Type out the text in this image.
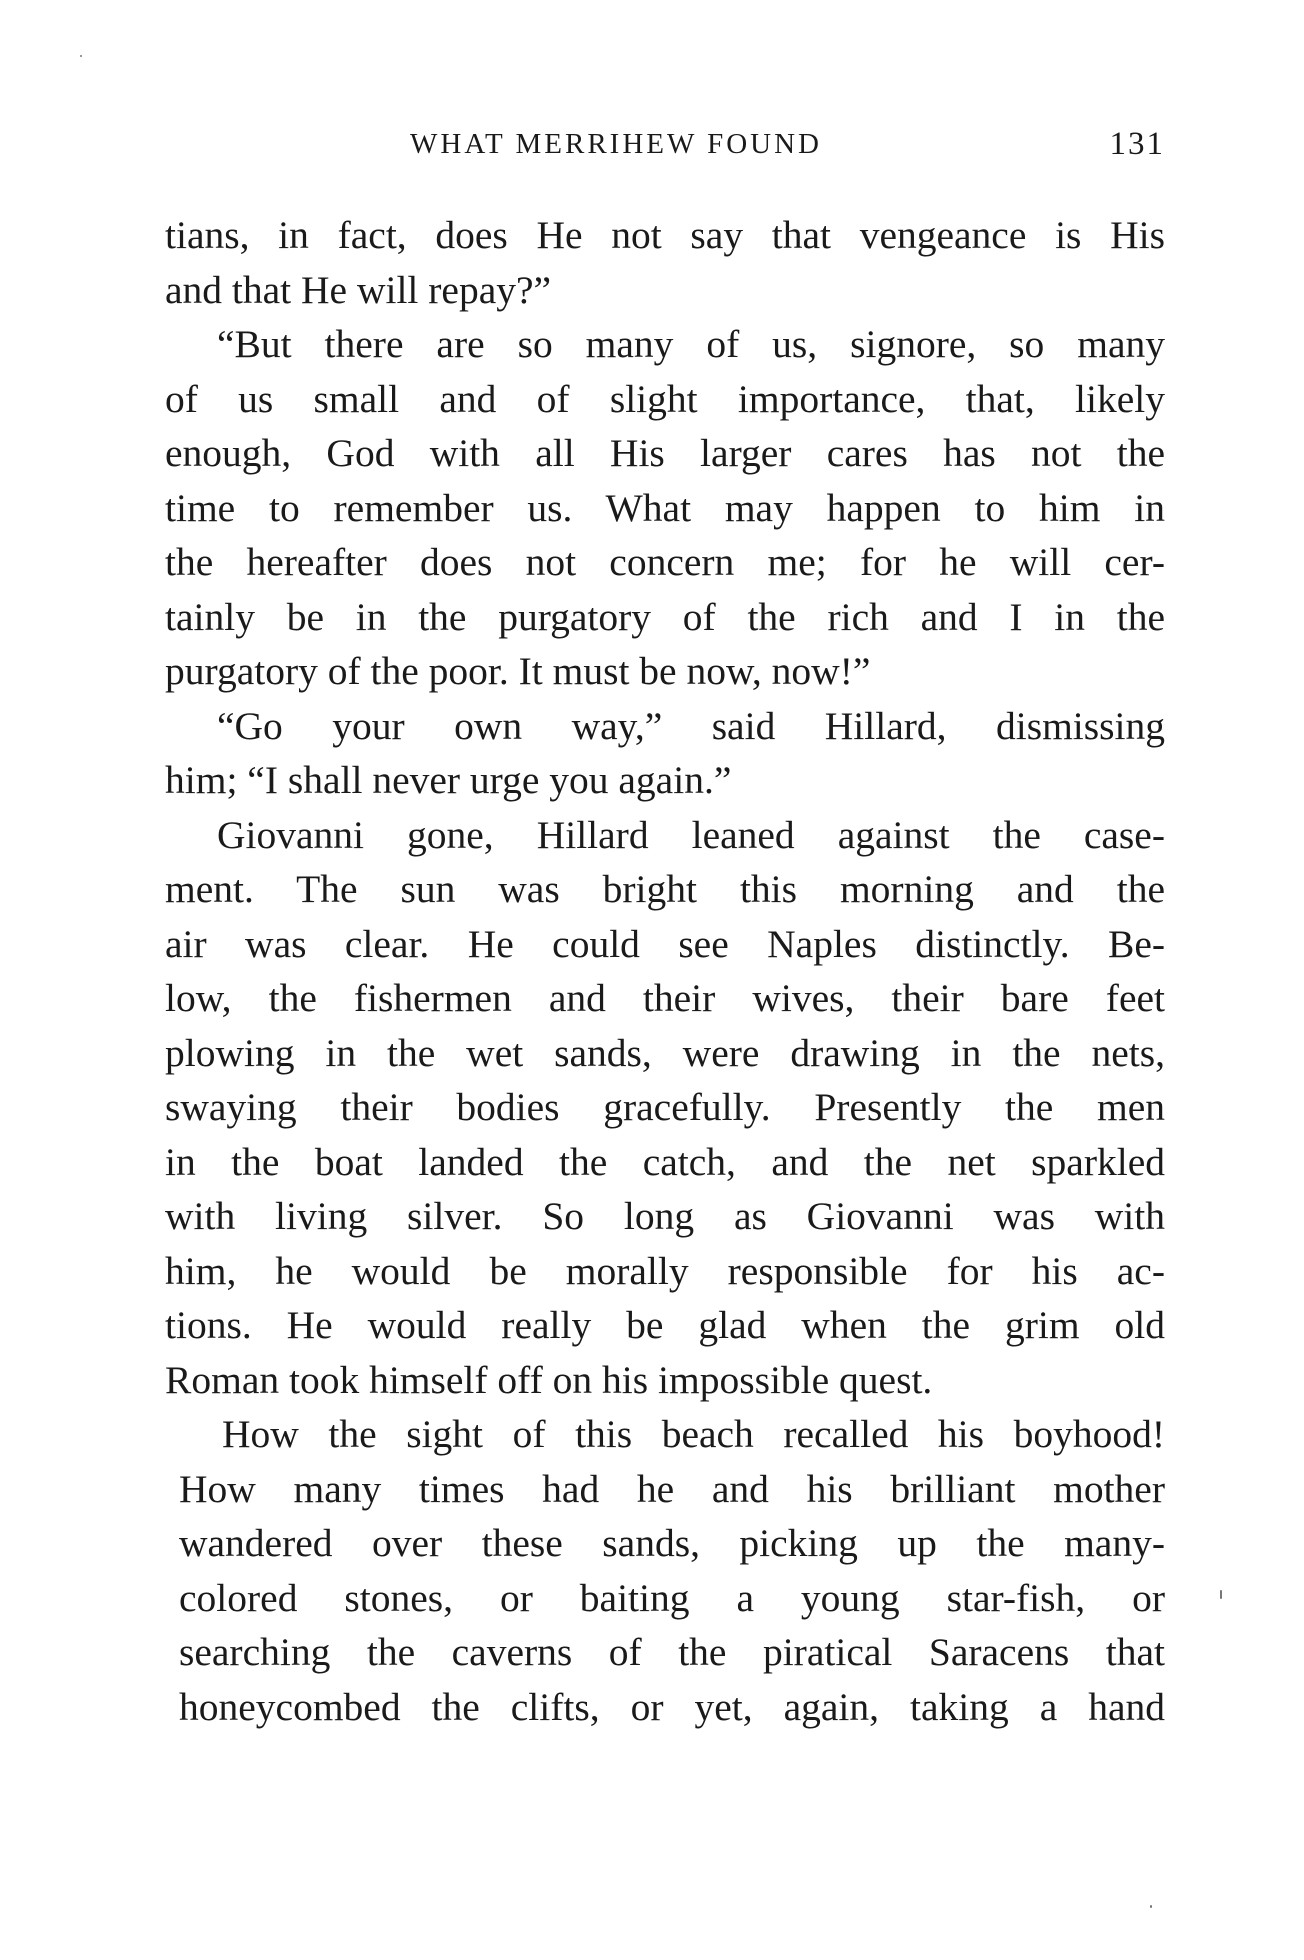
WHAT MERRIHEW FOUND	131
tians, in fact, does He not say that vengeance is His
and that He will repay?”
“But there are so many of us, signore, so many
of us small and of slight importance, that, likely
enough, God with all His larger cares has not the
time to remember us. What may happen to him in
the hereafter does not concern me; for he will cer-
tainly be in the purgatory of the rich and I in the
purgatory of the poor. It must be now, now!”
“Go your own way,” said Hillard, dismissing
him; “I shall never urge you again.”
Giovanni gone, Hillard leaned against the case-
ment. The sun was bright this morning and the
air was clear. He could see Naples distinctly. Be-
low, the fishermen and their wives, their bare feet
plowing in the wet sands, were drawing in the nets,
swaying their bodies gracefully. Presently the men
in the boat landed the catch, and the net sparkled
with living silver. So long as Giovanni was with
him, he would be morally responsible for his ac-
tions. He would really be glad when the grim old
Roman took himself off on his impossible quest.
How the sight of this beach recalled his boyhood!
How many times had he and his brilliant mother
wandered over these sands, picking up the many-
colored stones, or baiting a young star-fish, or
searching the caverns of the piratical Saracens that
honeycombed the clifts, or yet, again, taking a hand
